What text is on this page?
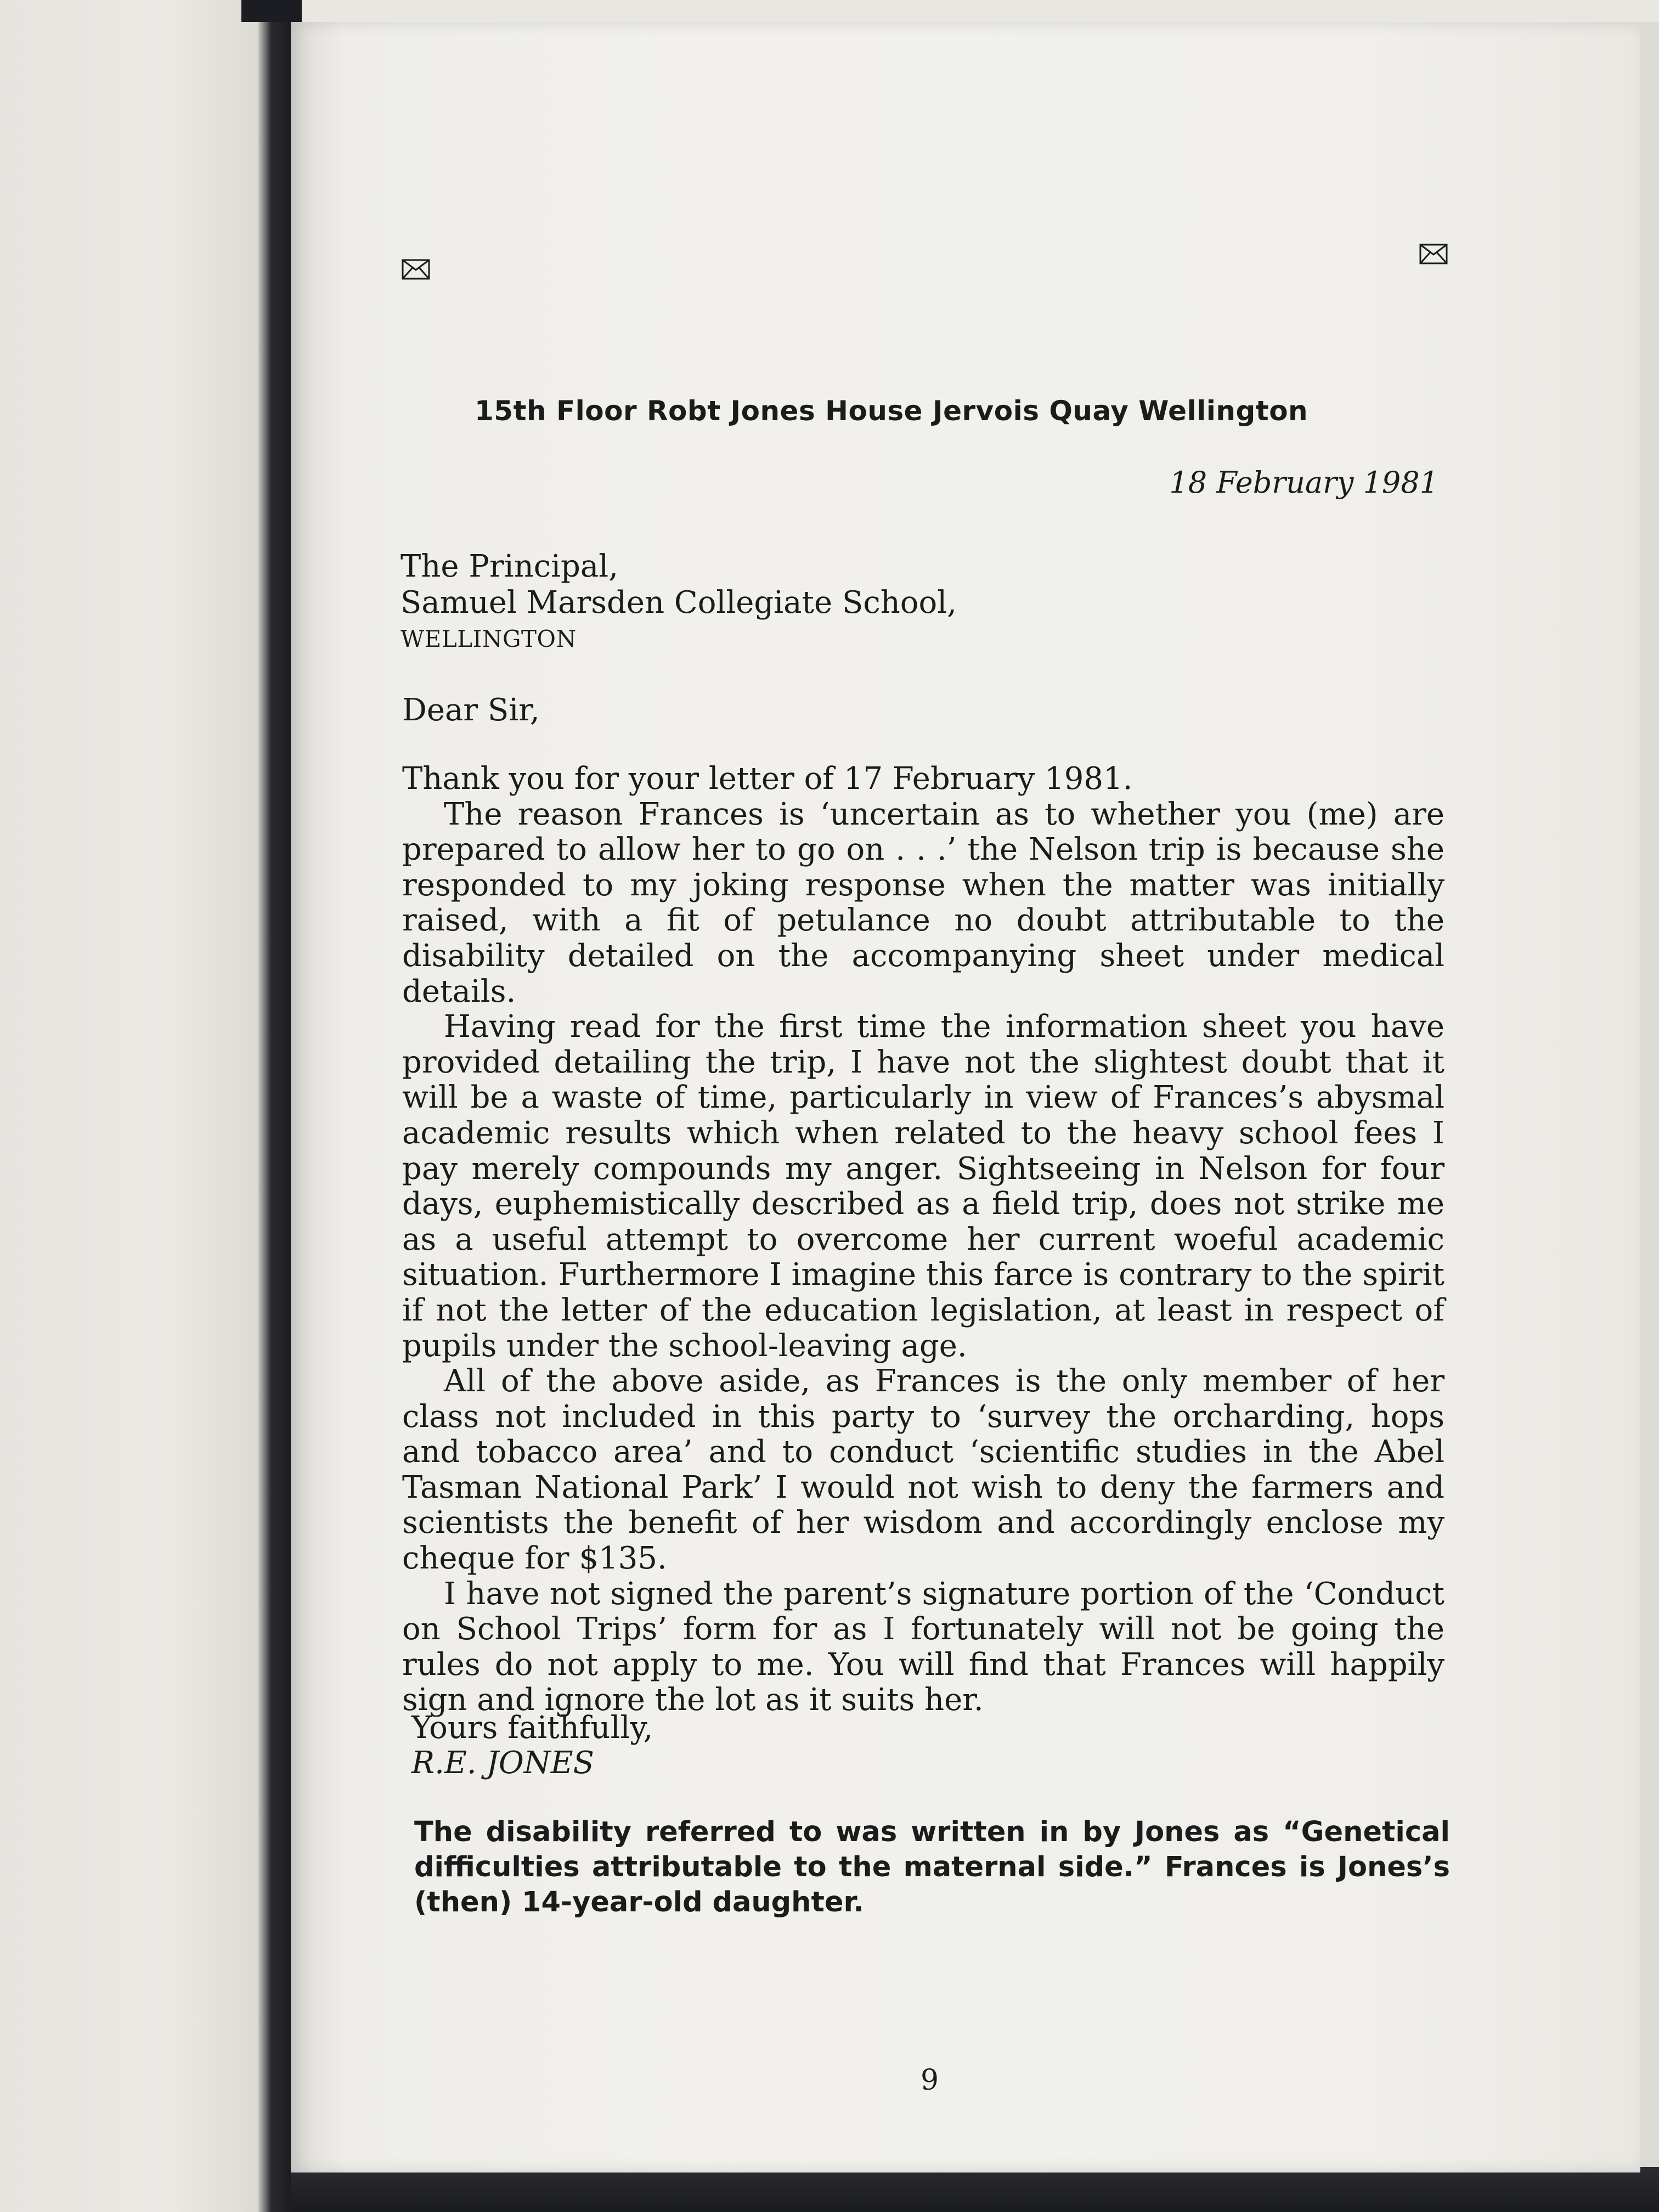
15th Floor Robt Jones House Jervois Quay Wellington
18 February 1981
The Principal,
Samuel Marsden Collegiate School,
WELLINGTON
Dear Sir,

Thank you for your letter of 17 February 1981.

The reason Frances is ‘uncertain as to whether you (me) are prepared to allow her to go on . . .’ the Nelson trip is because she responded to my joking response when the matter was initially raised, with a fit of petulance no doubt attributable to the disability detailed on the accompanying sheet under medical details.

Having read for the first time the information sheet you have provided detailing the trip, I have not the slightest doubt that it will be a waste of time, particularly in view of Frances’s abysmal academic results which when related to the heavy school fees I pay merely compounds my anger. Sightseeing in Nelson for four days, euphemistically described as a field trip, does not strike me as a useful attempt to overcome her current woeful academic situation. Furthermore I imagine this farce is contrary to the spirit if not the letter of the education legislation, at least in respect of pupils under the school-leaving age.

All of the above aside, as Frances is the only member of her class not included in this party to ‘survey the orcharding, hops and tobacco area’ and to conduct ‘scientific studies in the Abel Tasman National Park’ I would not wish to deny the farmers and scientists the benefit of her wisdom and accordingly enclose my cheque for $135.

I have not signed the parent’s signature portion of the ‘Conduct on School Trips’ form for as I fortunately will not be going the rules do not apply to me. You will find that Frances will happily sign and ignore the lot as it suits her.

Yours faithfully,
R.E. JONES
The disability referred to was written in by Jones as “Genetical difficulties attributable to the maternal side.” Frances is Jones’s (then) 14-year-old daughter.
9
